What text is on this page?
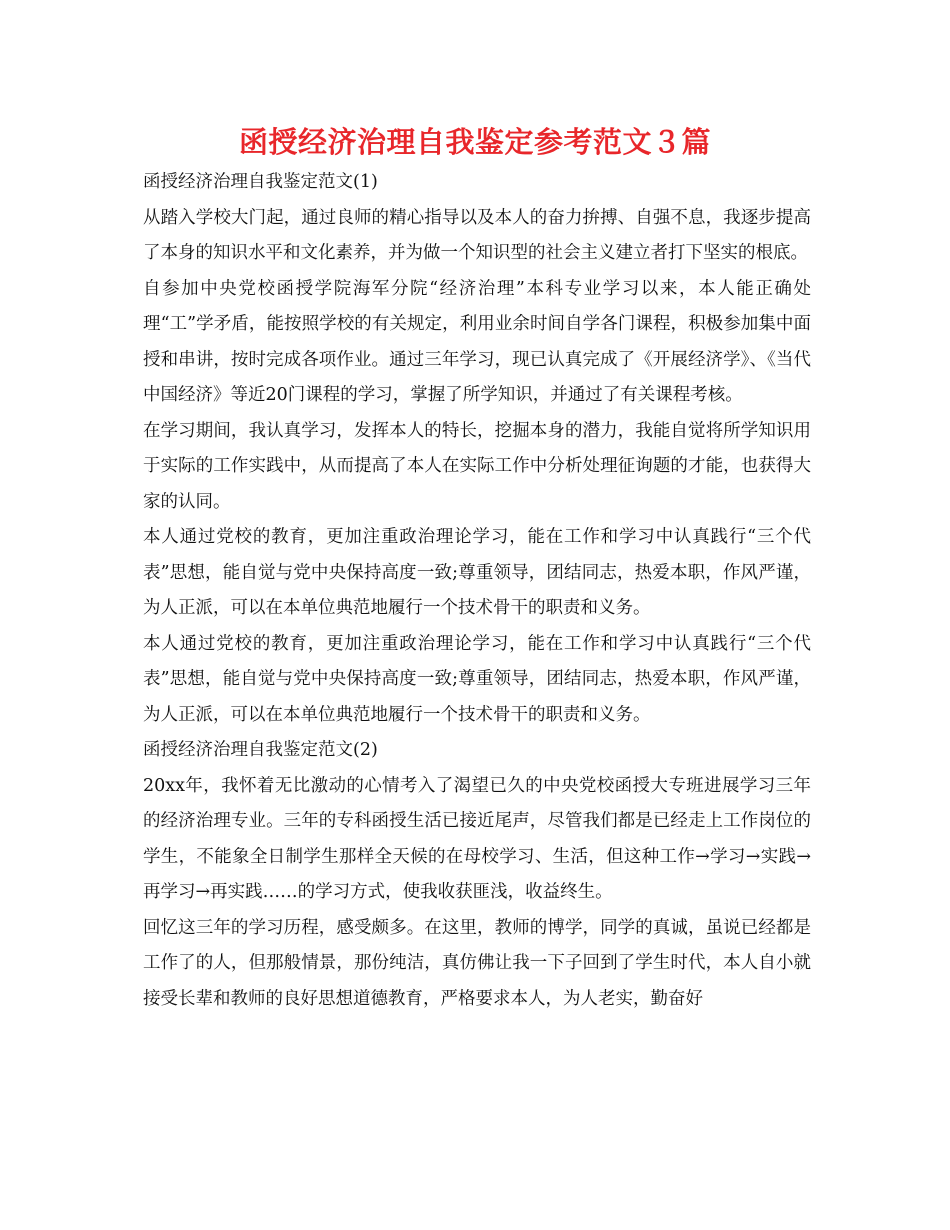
函授经济治理自我鉴定参考范文３篇

函授经济治理自我鉴定范文(1)

从踏入学校大门起，通过良师的精心指导以及本人的奋力拚搏、自强不息，我逐步提高了本身的知识水平和文化素养，并为做一个知识型的社会主义建立者打下坚实的根底。

自参加中央党校函授学院海军分院“经济治理”本科专业学习以来，本人能正确处理“工”学矛盾，能按照学校的有关规定，利用业余时间自学各门课程，积极参加集中面授和串讲，按时完成各项作业。通过三年学习，现已认真完成了《开展经济学》、《当代中国经济》等近20门课程的学习，掌握了所学知识，并通过了有关课程考核。

在学习期间，我认真学习，发挥本人的特长，挖掘本身的潜力，我能自觉将所学知识用于实际的工作实践中，从而提高了本人在实际工作中分析处理征询题的才能，也获得大家的认同。

本人通过党校的教育，更加注重政治理论学习，能在工作和学习中认真践行“三个代表”思想，能自觉与党中央保持高度一致;尊重领导，团结同志，热爱本职，作风严谨，为人正派，可以在本单位典范地履行一个技术骨干的职责和义务。

本人通过党校的教育，更加注重政治理论学习，能在工作和学习中认真践行“三个代表”思想，能自觉与党中央保持高度一致;尊重领导，团结同志，热爱本职，作风严谨，为人正派，可以在本单位典范地履行一个技术骨干的职责和义务。

函授经济治理自我鉴定范文(2)

20xx年，我怀着无比激动的心情考入了渴望已久的中央党校函授大专班进展学习三年的经济治理专业。三年的专科函授生活已接近尾声，尽管我们都是已经走上工作岗位的学生，不能象全日制学生那样全天候的在母校学习、生活，但这种工作→学习→实践→再学习→再实践……的学习方式，使我收获匪浅，收益终生。

回忆这三年的学习历程，感受颇多。在这里，教师的博学，同学的真诚，虽说已经都是工作了的人，但那般情景，那份纯洁，真仿佛让我一下子回到了学生时代，本人自小就接受长辈和教师的良好思想道德教育，严格要求本人，为人老实，勤奋好
